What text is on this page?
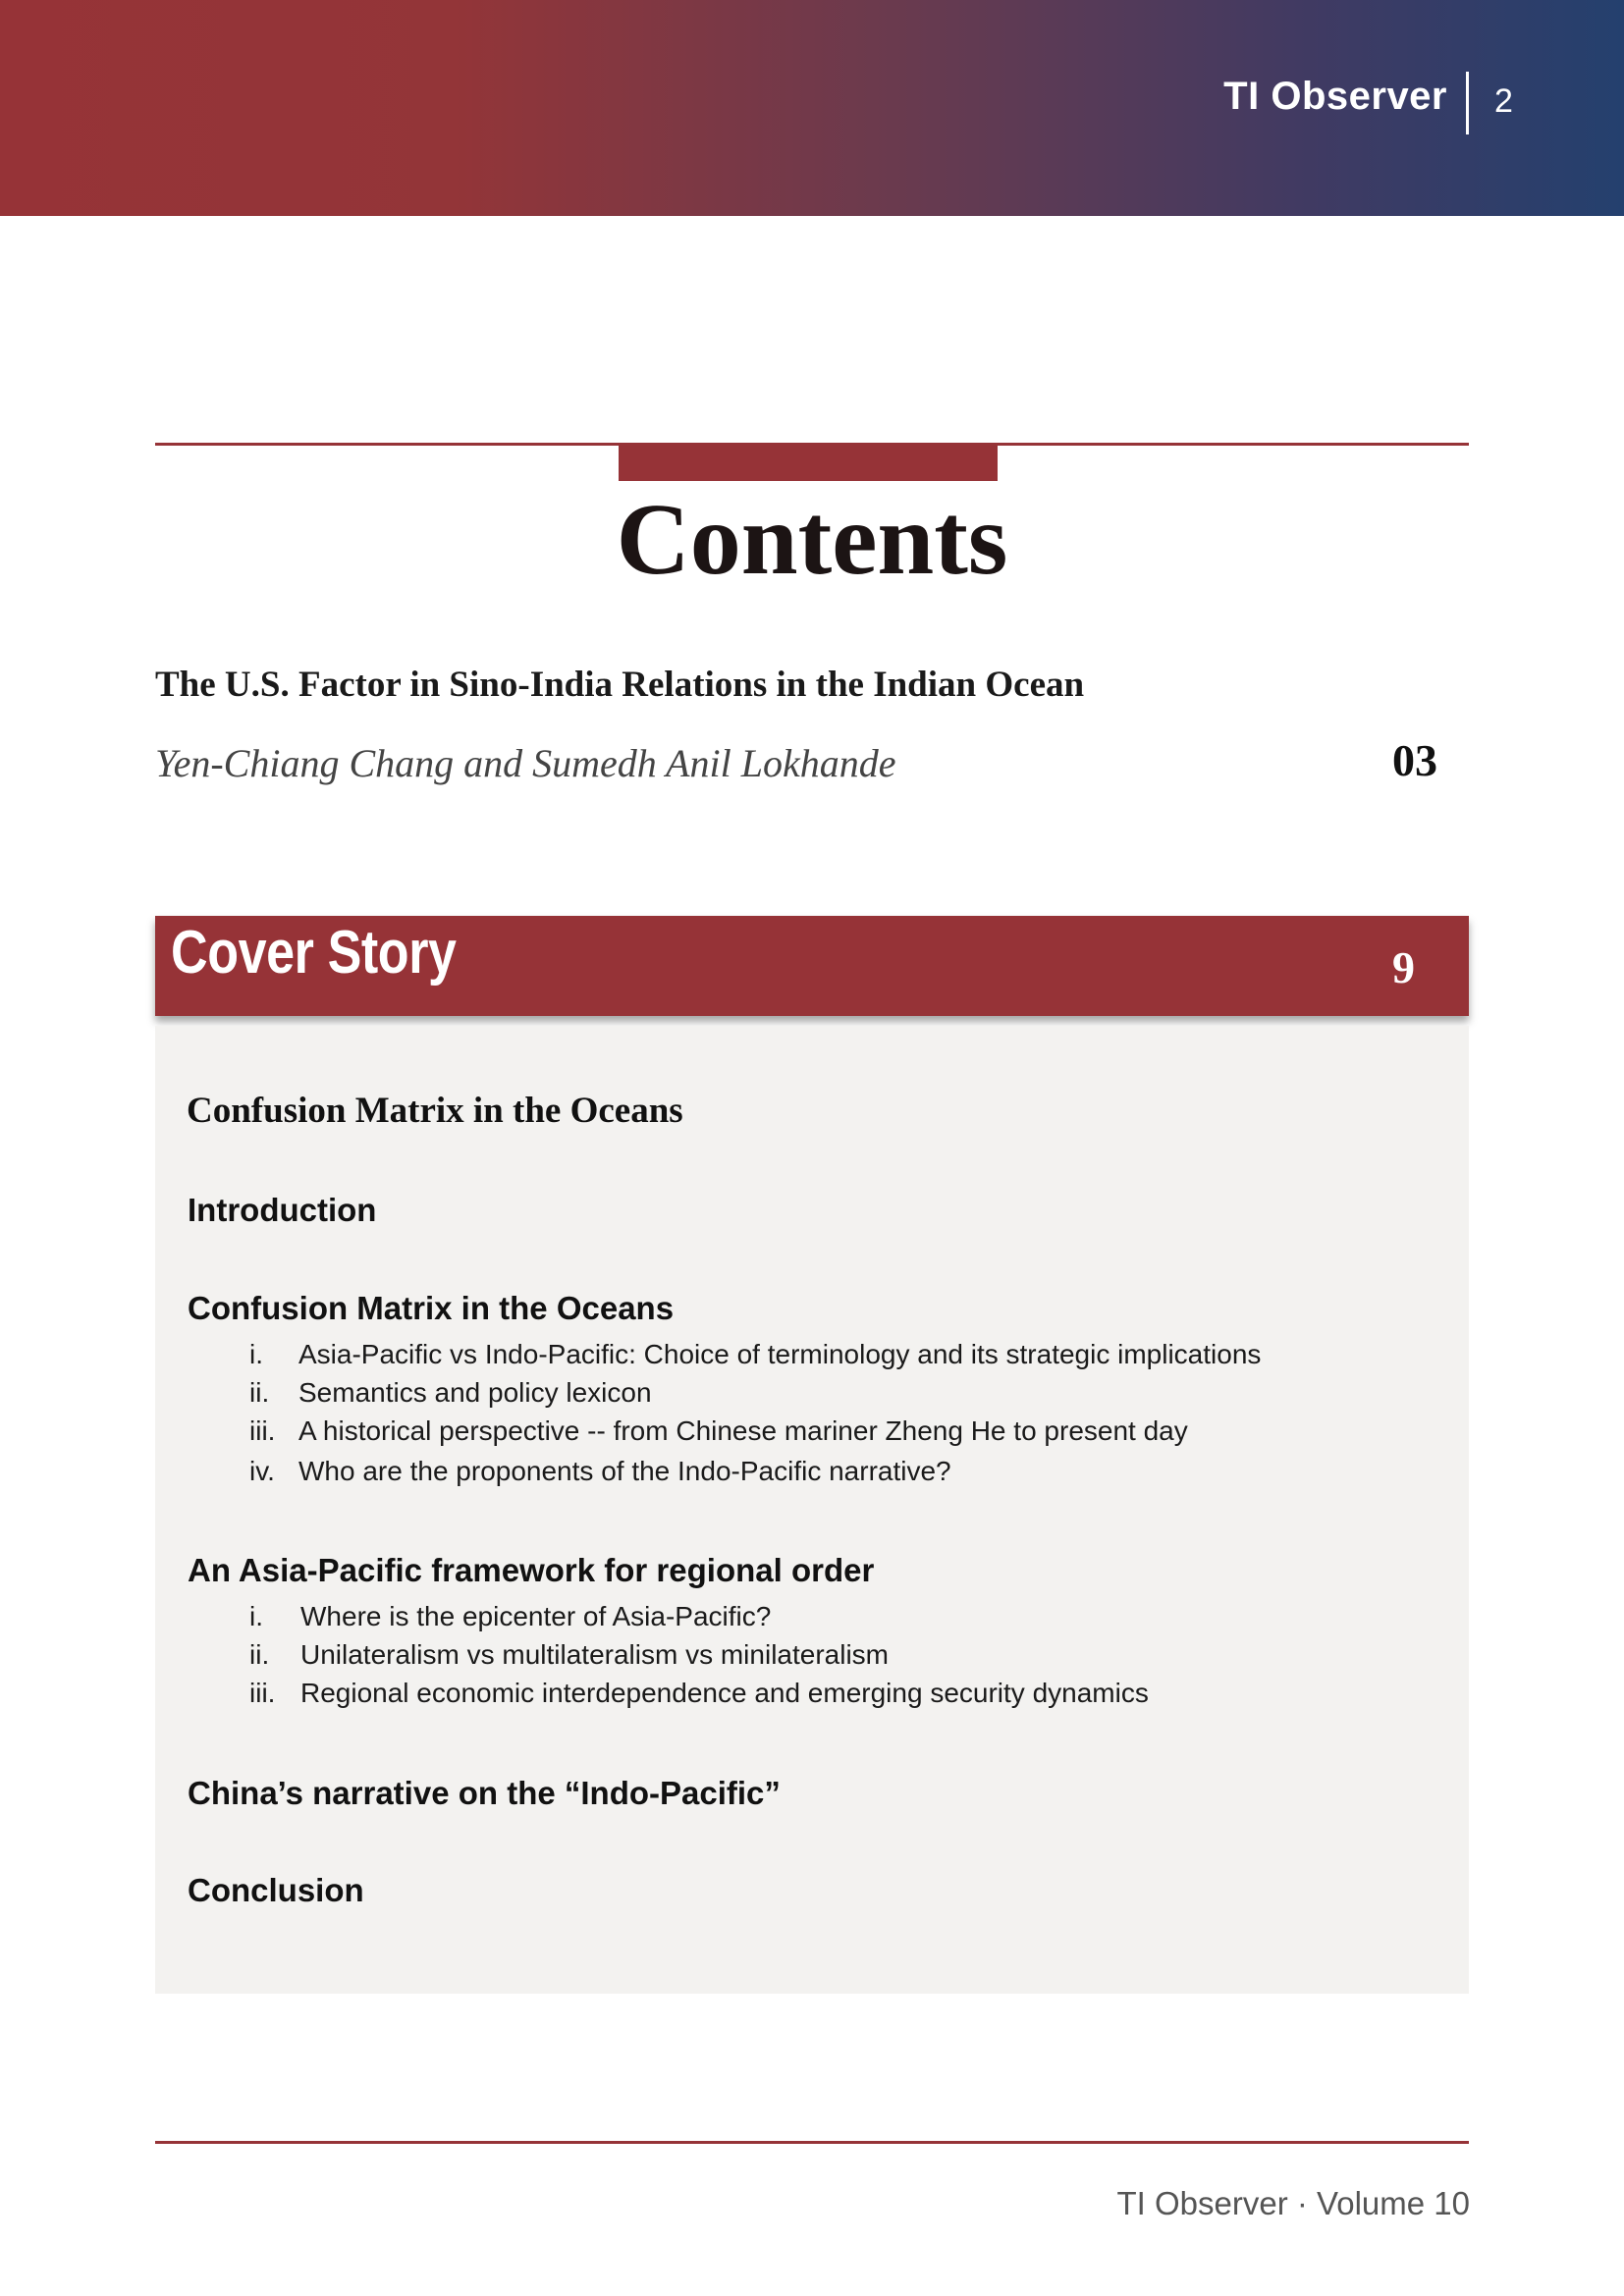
TI Observer 2
Contents
The U.S. Factor in Sino-India Relations in the Indian Ocean
Yen-Chiang Chang and Sumedh Anil Lokhande	03
Cover Story	9
Confusion Matrix in the Oceans
Introduction
Confusion Matrix in the Oceans
i. Asia-Pacific vs Indo-Pacific: Choice of terminology and its strategic implications
ii. Semantics and policy lexicon
iii. A historical perspective -- from Chinese mariner Zheng He to present day
iv. Who are the proponents of the Indo-Pacific narrative?
An Asia-Pacific framework for regional order
i. Where is the epicenter of Asia-Pacific?
ii. Unilateralism vs multilateralism vs minilateralism
iii. Regional economic interdependence and emerging security dynamics
China’s narrative on the “Indo-Pacific”
Conclusion
TI Observer · Volume 10
